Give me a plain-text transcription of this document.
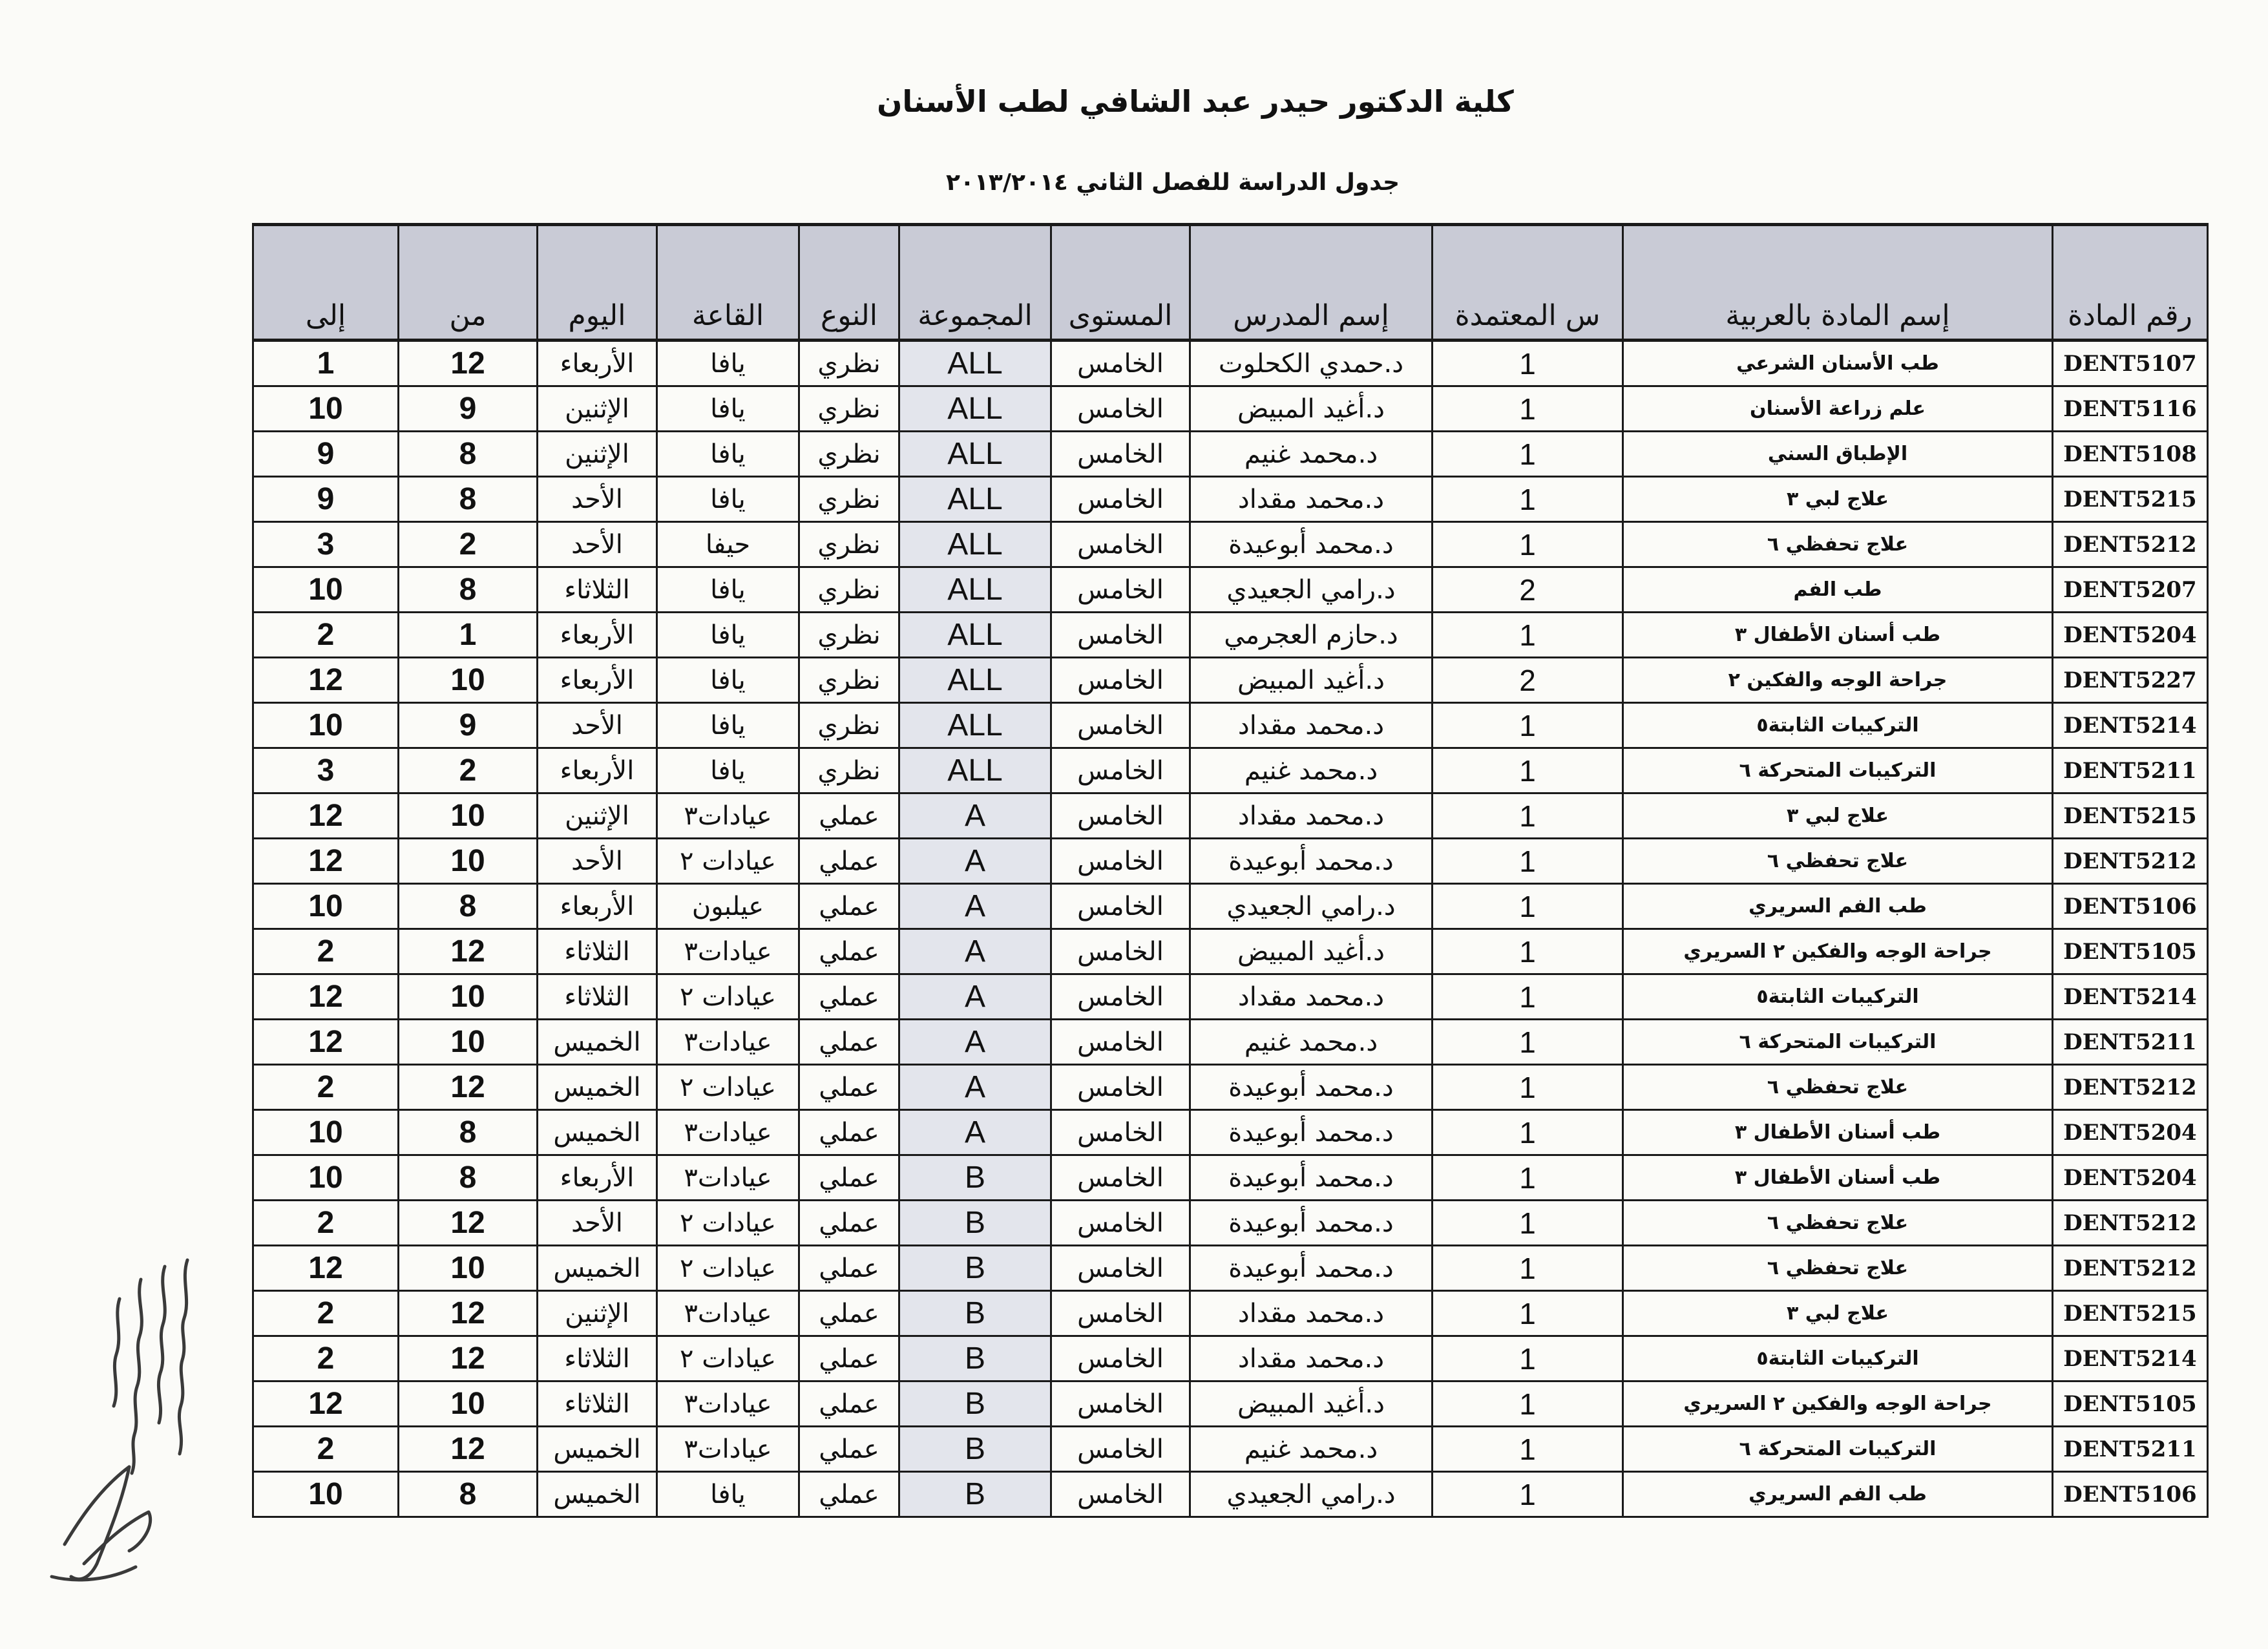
كلية الدكتور حيدر عبد الشافي لطب الأسنان
جدول الدراسة للفصل الثاني ٢٠١٣/٢٠١٤
رقم المادة	إسم المادة بالعربية	س المعتمدة	إسم المدرس	المستوى	المجموعة	النوع	القاعة	اليوم	من	إلى
DENT5107	طب الأسنان الشرعي	1	د.حمدي الكحلوت	الخامس	ALL	نظري	يافا	الأربعاء	12	1
DENT5116	علم زراعة الأسنان	1	د.أغيد المبيض	الخامس	ALL	نظري	يافا	الإثنين	9	10
DENT5108	الإطباق السني	1	د.محمد غنيم	الخامس	ALL	نظري	يافا	الإثنين	8	9
DENT5215	علاج لبي ٣	1	د.محمد مقداد	الخامس	ALL	نظري	يافا	الأحد	8	9
DENT5212	علاج تحفظي ٦	1	د.محمد أبوعيدة	الخامس	ALL	نظري	حيفا	الأحد	2	3
DENT5207	طب الفم	2	د.رامي الجعيدي	الخامس	ALL	نظري	يافا	الثلاثاء	8	10
DENT5204	طب أسنان الأطفال ٣	1	د.حازم العجرمي	الخامس	ALL	نظري	يافا	الأربعاء	1	2
DENT5227	جراحة الوجه والفكين ٢	2	د.أغيد المبيض	الخامس	ALL	نظري	يافا	الأربعاء	10	12
DENT5214	التركيبات الثابتة٥	1	د.محمد مقداد	الخامس	ALL	نظري	يافا	الأحد	9	10
DENT5211	التركيبات المتحركة ٦	1	د.محمد غنيم	الخامس	ALL	نظري	يافا	الأربعاء	2	3
DENT5215	علاج لبي ٣	1	د.محمد مقداد	الخامس	A	عملي	عيادات٣	الإثنين	10	12
DENT5212	علاج تحفظي ٦	1	د.محمد أبوعيدة	الخامس	A	عملي	عيادات ٢	الأحد	10	12
DENT5106	طب الفم السريري	1	د.رامي الجعيدي	الخامس	A	عملي	عيلبون	الأربعاء	8	10
DENT5105	جراحة الوجه والفكين ٢ السريري	1	د.أغيد المبيض	الخامس	A	عملي	عيادات٣	الثلاثاء	12	2
DENT5214	التركيبات الثابتة٥	1	د.محمد مقداد	الخامس	A	عملي	عيادات ٢	الثلاثاء	10	12
DENT5211	التركيبات المتحركة ٦	1	د.محمد غنيم	الخامس	A	عملي	عيادات٣	الخميس	10	12
DENT5212	علاج تحفظي ٦	1	د.محمد أبوعيدة	الخامس	A	عملي	عيادات ٢	الخميس	12	2
DENT5204	طب أسنان الأطفال ٣	1	د.محمد أبوعيدة	الخامس	A	عملي	عيادات٣	الخميس	8	10
DENT5204	طب أسنان الأطفال ٣	1	د.محمد أبوعيدة	الخامس	B	عملي	عيادات٣	الأربعاء	8	10
DENT5212	علاج تحفظي ٦	1	د.محمد أبوعيدة	الخامس	B	عملي	عيادات ٢	الأحد	12	2
DENT5212	علاج تحفظي ٦	1	د.محمد أبوعيدة	الخامس	B	عملي	عيادات ٢	الخميس	10	12
DENT5215	علاج لبي ٣	1	د.محمد مقداد	الخامس	B	عملي	عيادات٣	الإثنين	12	2
DENT5214	التركيبات الثابتة٥	1	د.محمد مقداد	الخامس	B	عملي	عيادات ٢	الثلاثاء	12	2
DENT5105	جراحة الوجه والفكين ٢ السريري	1	د.أغيد المبيض	الخامس	B	عملي	عيادات٣	الثلاثاء	10	12
DENT5211	التركيبات المتحركة ٦	1	د.محمد غنيم	الخامس	B	عملي	عيادات٣	الخميس	12	2
DENT5106	طب الفم السريري	1	د.رامي الجعيدي	الخامس	B	عملي	يافا	الخميس	8	10
